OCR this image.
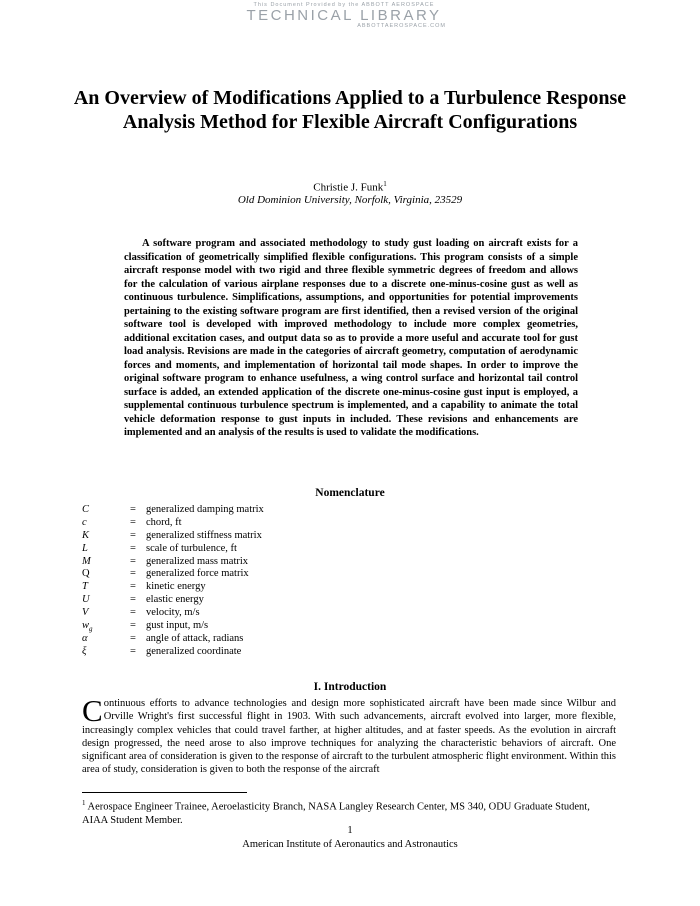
This Document Provided by the ABBOTT AEROSPACE
TECHNICAL LIBRARY
ABBOTTAEROSPACE.COM
An Overview of Modifications Applied to a Turbulence Response Analysis Method for Flexible Aircraft Configurations
Christie J. Funk$^1$
Old Dominion University, Norfolk, Virginia, 23529

A software program and associated methodology to study gust loading on aircraft exists for a classification of geometrically simplified flexible configurations. This program consists of a simple aircraft response model with two rigid and three flexible symmetric degrees of freedom and allows for the calculation of various airplane responses due to a discrete one-minus-cosine gust as well as continuous turbulence. Simplifications, assumptions, and opportunities for potential improvements pertaining to the existing software program are first identified, then a revised version of the original software tool is developed with improved methodology to include more complex geometries, additional excitation cases, and output data so as to provide a more useful and accurate tool for gust load analysis. Revisions are made in the categories of aircraft geometry, computation of aerodynamic forces and moments, and implementation of horizontal tail mode shapes. In order to improve the original software program to enhance usefulness, a wing control surface and horizontal tail control surface is added, an extended application of the discrete one-minus-cosine gust input is employed, a supplemental continuous turbulence spectrum is implemented, and a capability to animate the total vehicle deformation response to gust inputs in included. These revisions and enhancements are implemented and an analysis of the results is used to validate the modifications.

Nomenclature
C	= generalized damping matrix
c	= chord, ft
K	= generalized stiffness matrix
L	= scale of turbulence, ft
M	= generalized mass matrix
Q	= generalized force matrix
T	= kinetic energy
U	= elastic energy
V	= velocity, m/s
$w_g$	= gust input, m/s
α	= angle of attack, radians
ξ	= generalized coordinate
I. Introduction

Continuous efforts to advance technologies and design more sophisticated aircraft have been made since Wilbur and Orville Wright's first successful flight in 1903. With such advancements, aircraft evolved into larger, more flexible, increasingly complex vehicles that could travel farther, at higher altitudes, and at faster speeds. As the evolution in aircraft design progressed, the need arose to also improve techniques for analyzing the characteristic behaviors of aircraft. One significant area of consideration is given to the response of aircraft to the turbulent atmospheric flight environment. Within this area of study, consideration is given to both the response of the aircraft

$^1$ Aerospace Engineer Trainee, Aeroelasticity Branch, NASA Langley Research Center, MS 340, ODU Graduate Student, AIAA Student Member.

1
American Institute of Aeronautics and Astronautics
